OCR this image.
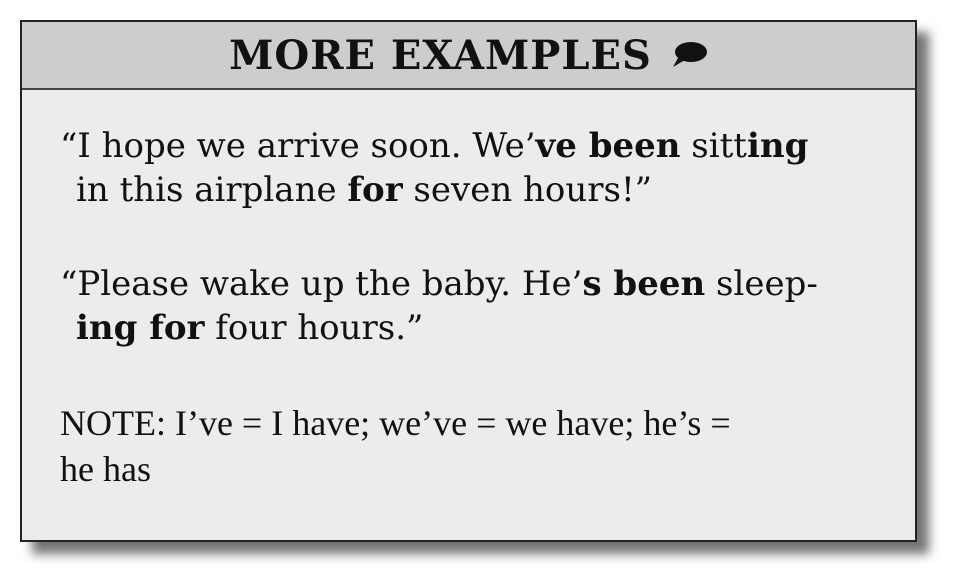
MORE EXAMPLES
“I hope we arrive soon. We’ve been sitting
in this airplane for seven hours!”
“Please wake up the baby. He’s been sleep-
ing for four hours.”
NOTE: I’ve = I have; we’ve = we have; he’s =
he has
